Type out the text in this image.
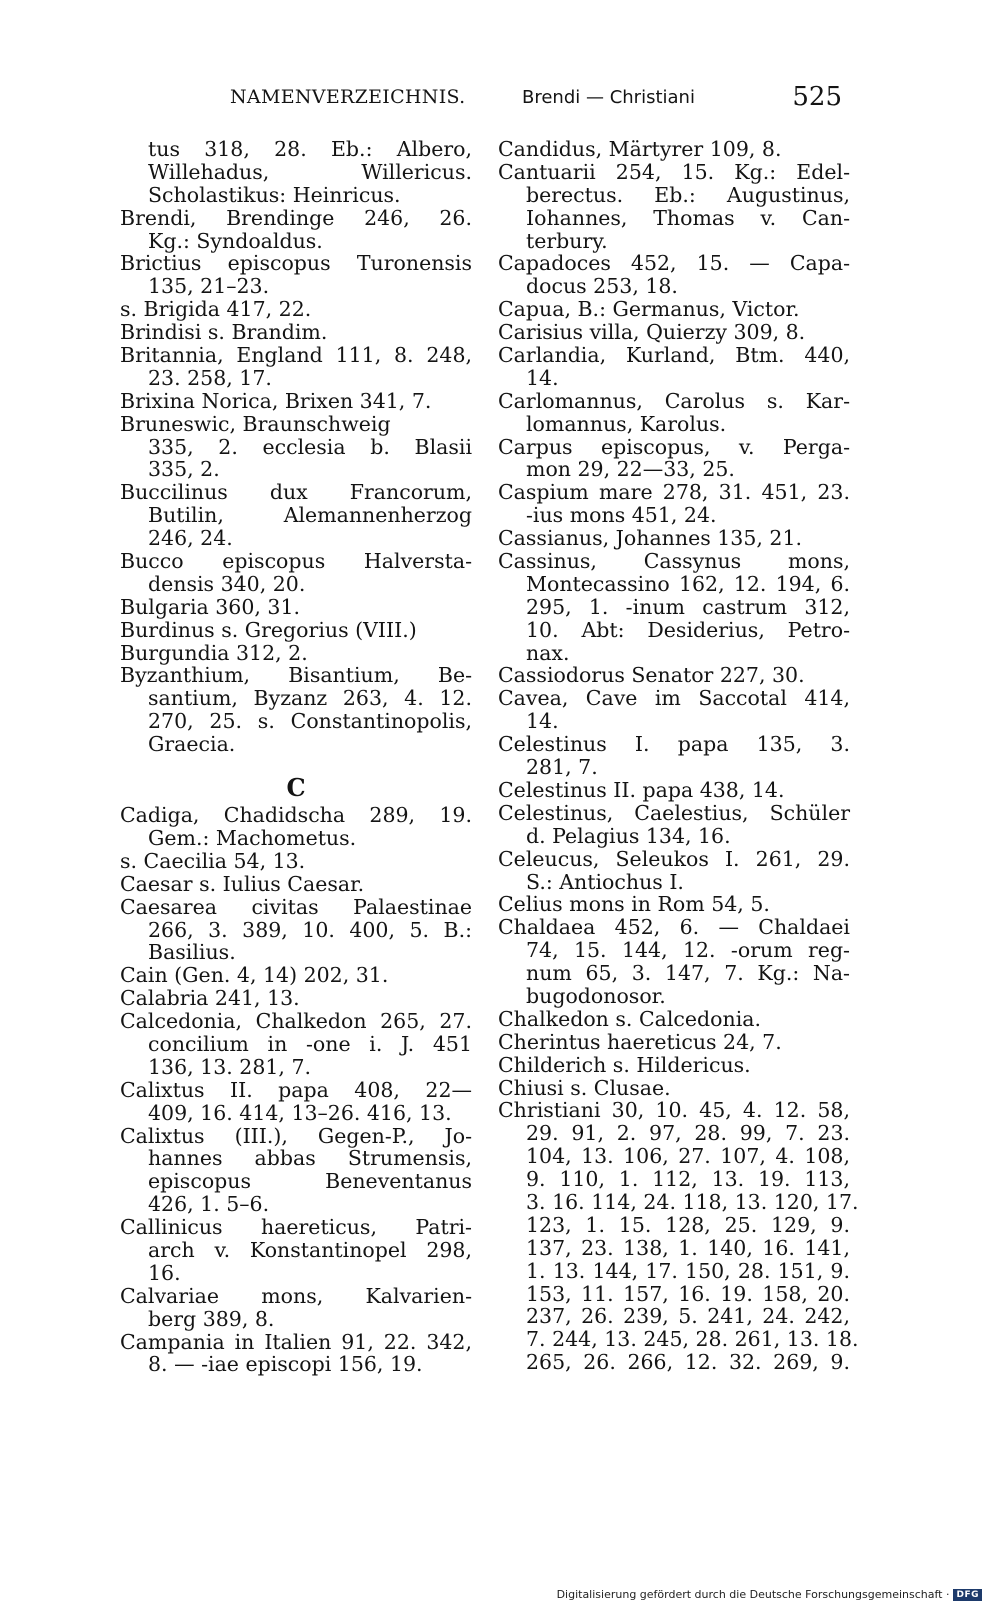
NAMENVERZEICHNIS.	Brendi — Christiani	525
tus 318, 28. Eb.: Albero,
Willehadus, Willericus.
Scholastikus: Heinricus.
Brendi, Brendinge 246, 26.
Kg.: Syndoaldus.
Brictius episcopus Turonensis
135, 21–23.
s. Brigida 417, 22.
Brindisi s. Brandim.
Britannia, England 111, 8. 248,
23. 258, 17.
Brixina Norica, Brixen 341, 7.
Bruneswic, Braunschweig
335, 2. ecclesia b. Blasii
335, 2.
Buccilinus dux Francorum,
Butilin, Alemannenherzog
246, 24.
Bucco episcopus Halversta-
densis 340, 20.
Bulgaria 360, 31.
Burdinus s. Gregorius (VIII.)
Burgundia 312, 2.
Byzanthium, Bisantium, Be-
santium, Byzanz 263, 4. 12.
270, 25. s. Constantinopolis,
Graecia.
C
Cadiga, Chadidscha 289, 19.
Gem.: Machometus.
s. Caecilia 54, 13.
Caesar s. Iulius Caesar.
Caesarea civitas Palaestinae
266, 3. 389, 10. 400, 5. B.:
Basilius.
Cain (Gen. 4, 14) 202, 31.
Calabria 241, 13.
Calcedonia, Chalkedon 265, 27.
concilium in -one i. J. 451
136, 13. 281, 7.
Calixtus II. papa 408, 22—
409, 16. 414, 13–26. 416, 13.
Calixtus (III.), Gegen-P., Jo-
hannes abbas Strumensis,
episcopus Beneventanus
426, 1. 5–6.
Callinicus haereticus, Patri-
arch v. Konstantinopel 298,
16.
Calvariae mons, Kalvarien-
berg 389, 8.
Campania in Italien 91, 22. 342,
8. — -iae episcopi 156, 19.
Candidus, Märtyrer 109, 8.
Cantuarii 254, 15. Kg.: Edel-
berectus. Eb.: Augustinus,
Iohannes, Thomas v. Can-
terbury.
Capadoces 452, 15. — Capa-
docus 253, 18.
Capua, B.: Germanus, Victor.
Carisius villa, Quierzy 309, 8.
Carlandia, Kurland, Btm. 440,
14.
Carlomannus, Carolus s. Kar-
lomannus, Karolus.
Carpus episcopus, v. Perga-
mon 29, 22—33, 25.
Caspium mare 278, 31. 451, 23.
-ius mons 451, 24.
Cassianus, Johannes 135, 21.
Cassinus, Cassynus mons,
Montecassino 162, 12. 194, 6.
295, 1. -inum castrum 312,
10. Abt: Desiderius, Petro-
nax.
Cassiodorus Senator 227, 30.
Cavea, Cave im Saccotal 414,
14.
Celestinus I. papa 135, 3.
281, 7.
Celestinus II. papa 438, 14.
Celestinus, Caelestius, Schüler
d. Pelagius 134, 16.
Celeucus, Seleukos I. 261, 29.
S.: Antiochus I.
Celius mons in Rom 54, 5.
Chaldaea 452, 6. — Chaldaei
74, 15. 144, 12. -orum reg-
num 65, 3. 147, 7. Kg.: Na-
bugodonosor.
Chalkedon s. Calcedonia.
Cherintus haereticus 24, 7.
Childerich s. Hildericus.
Chiusi s. Clusae.
Christiani 30, 10. 45, 4. 12. 58,
29. 91, 2. 97, 28. 99, 7. 23.
104, 13. 106, 27. 107, 4. 108,
9. 110, 1. 112, 13. 19. 113,
3. 16. 114, 24. 118, 13. 120, 17.
123, 1. 15. 128, 25. 129, 9.
137, 23. 138, 1. 140, 16. 141,
1. 13. 144, 17. 150, 28. 151, 9.
153, 11. 157, 16. 19. 158, 20.
237, 26. 239, 5. 241, 24. 242,
7. 244, 13. 245, 28. 261, 13. 18.
265, 26. 266, 12. 32. 269, 9.
Digitalisierung gefördert durch die Deutsche Forschungsgemeinschaft · DFG
